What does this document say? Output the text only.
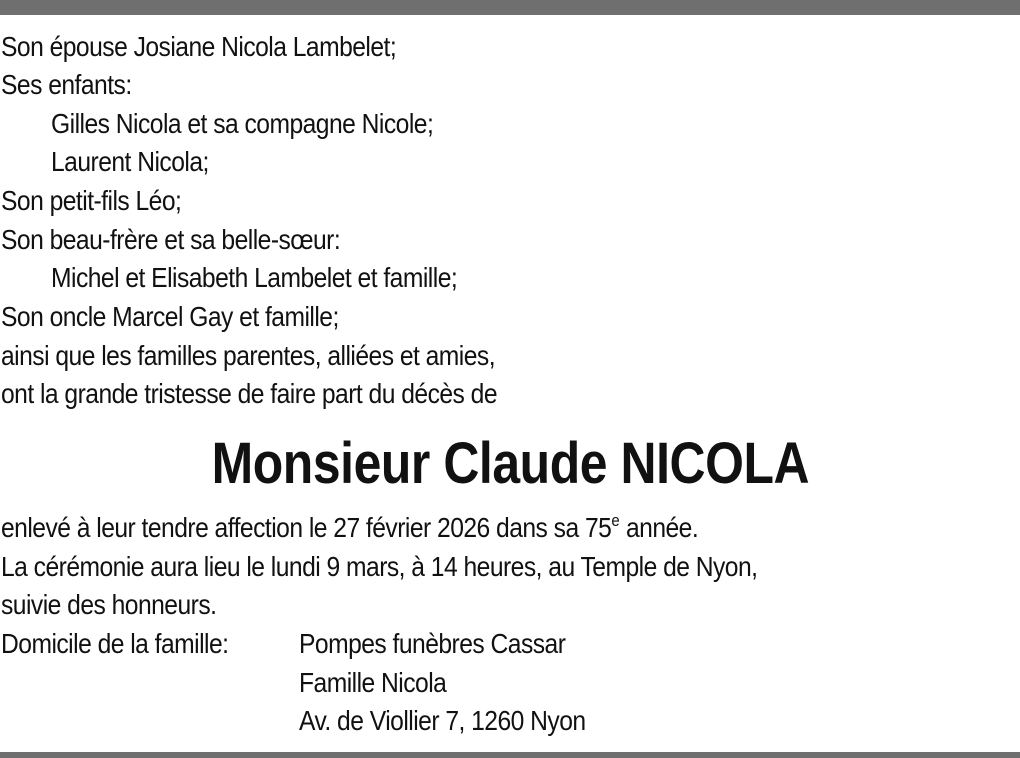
Son épouse Josiane Nicola Lambelet;
Ses enfants:
Gilles Nicola et sa compagne Nicole;
Laurent Nicola;
Son petit-fils Léo;
Son beau-frère et sa belle-sœur:
Michel et Elisabeth Lambelet et famille;
Son oncle Marcel Gay et famille;
ainsi que les familles parentes, alliées et amies,
ont la grande tristesse de faire part du décès de
Monsieur Claude NICOLA
enlevé à leur tendre affection le 27 février 2026 dans sa 75e année.
La cérémonie aura lieu le lundi 9 mars, à 14 heures, au Temple de Nyon,
suivie des honneurs.
Domicile de la famille:	Pompes funèbres Cassar
Famille Nicola
Av. de Viollier 7, 1260 Nyon
